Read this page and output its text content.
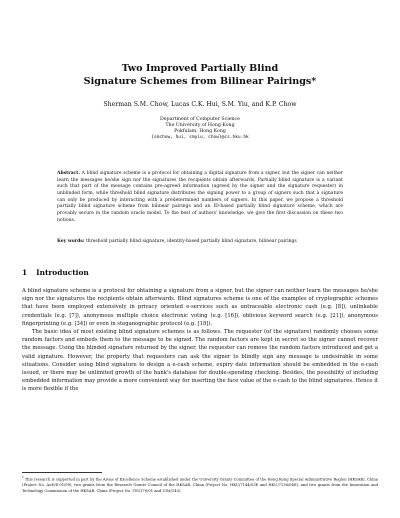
Two Improved Partially Blind
Signature Schemes from Bilinear Pairings*
Sherman S.M. Chow, Lucas C.K. Hui, S.M. Yiu, and K.P. Chow
Department of Computer Science
The University of Hong Kong
Pokfulam, Hong Kong
{smchow, hui, smyiu, chow}@cs.hku.hk
Abstract. A blind signature scheme is a protocol for obtaining a digital signature from a signer, but the signer can neither learn the messages he/she sign nor the signatures the recipients obtain afterwards. Partially blind signature is a variant such that part of the message contains pre-agreed information (agreed by the signer and the signature requester) in unblinded form, while threshold blind signature distributes the signing power to a group of signers such that a signature can only be produced by interacting with a predetermined numbers of signers. In this paper, we propose a threshold partially blind signature scheme from bilinear pairings and an ID-based partially blind signature scheme, which are provably secure in the random oracle model. To the best of authors' knowledge, we give the first discussion on these two notions.
Key words: threshold partially blind signature, identity-based partially blind signature, bilinear pairings
1 Introduction

A blind signature scheme is a protocol for obtaining a signature from a signer, but the signer can neither learn the messages he/she sign nor the signatures the recipients obtain afterwards. Blind signatures scheme is one of the examples of cryptographic schemes that have been employed extensively in privacy oriented e-services such as untraceable electronic cash (e.g. [8]), unlinkable credentials (e.g. [7]), anonymous multiple choice electronic voting (e.g. [16]), oblivious keyword search (e.g. [21]), anonymous fingerprinting (e.g. [34]) or even in steganographic protocol (e.g. [18]).

The basic idea of most existing blind signature schemes is as follows. The requester (of the signature) randomly chooses some random factors and embeds them to the message to be signed. The random factors are kept in secret so the signer cannot recover the message. Using the blinded signature returned by the signer, the requester can remove the random factors introduced and get a valid signature. However, the property that requesters can ask the signer to blindly sign any message is undesirable in some situations. Consider using blind signature to design a e-cash scheme, expiry date information should be embedded in the e-cash issued, or there may be unlimited growth of the bank's database for double-spending checking. Besides, the possibility of including embedded information may provide a more convenient way for inserting the face value of the e-cash to the blind signatures. Hence it is more flexible if the

* This research is supported in part by the Areas of Excellence Scheme established under the University Grants Committee of the Hong Kong Special Administrative Region (HKSAR), China (Project No. AoE/E-01/99), two grants from the Research Grants Council of the HKSAR, China (Project No. HKU/7144/03E and HKU/7136/04E), and two grants from the Innovation and Technology Commission of the HKSAR, China (Project No. ITS/170/01 and UIM/145).
